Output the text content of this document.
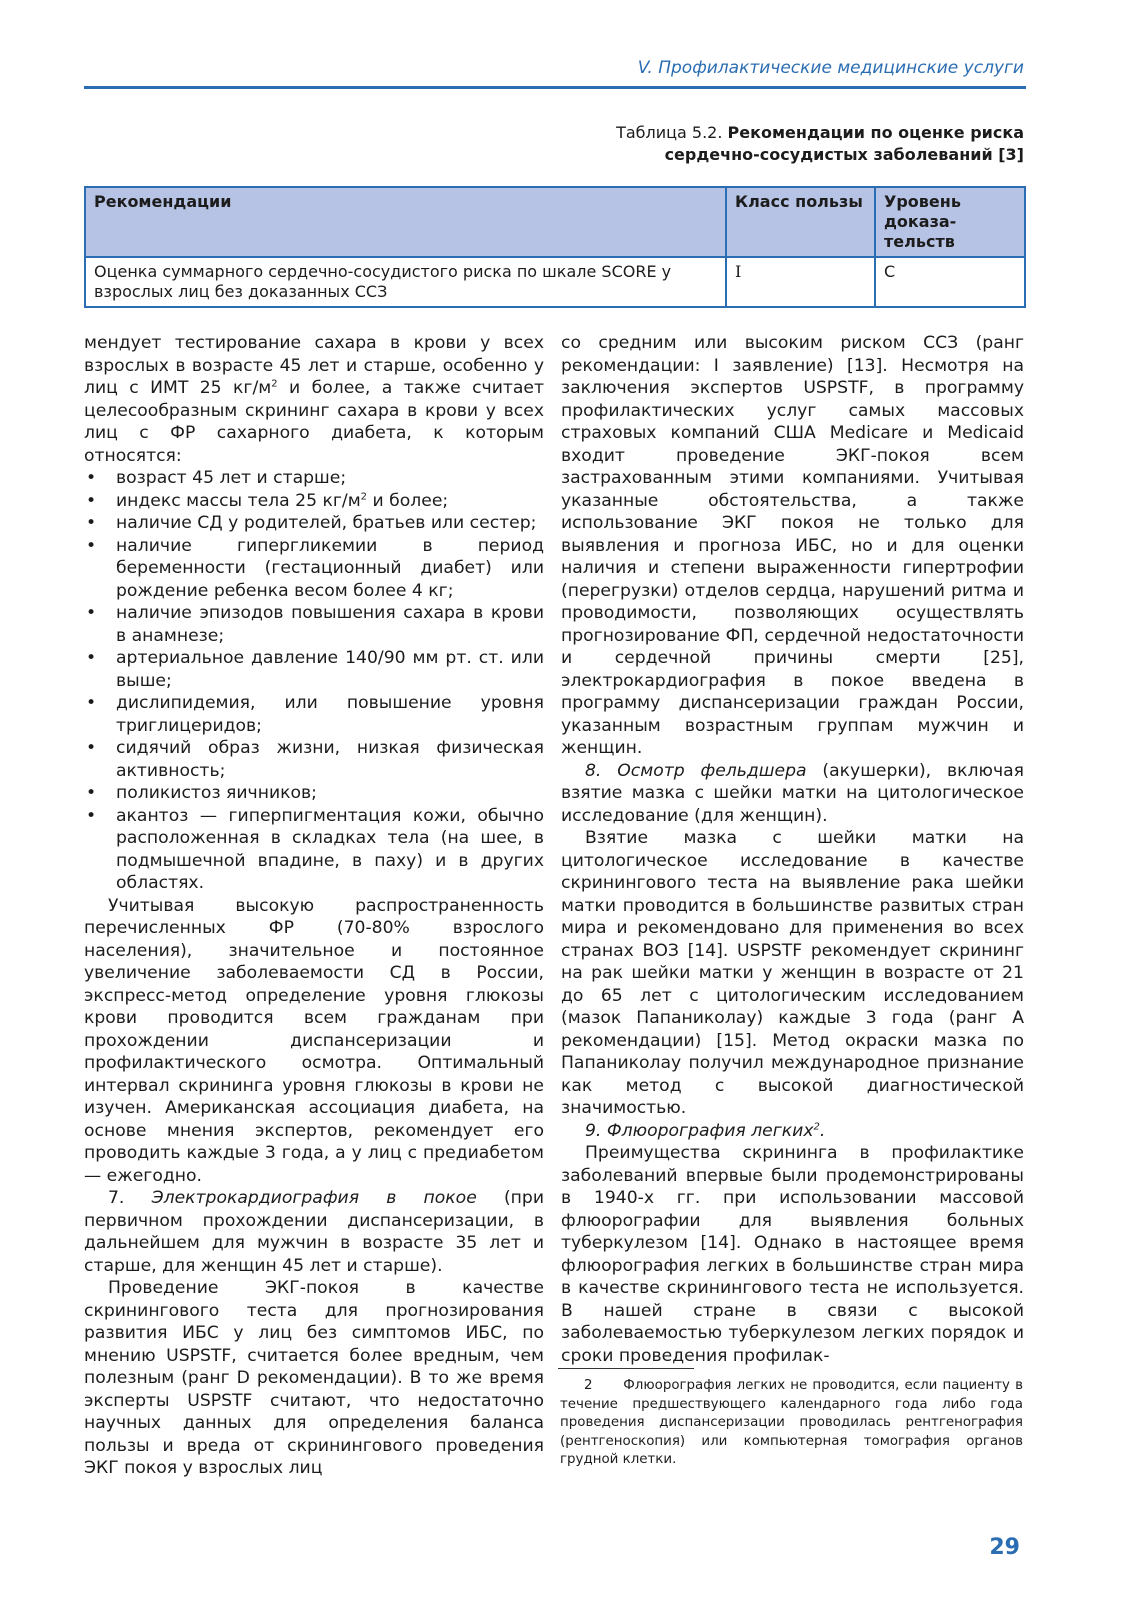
V. Профилактические медицинские услуги
Таблица 5.2. Рекомендации по оценке риска
сердечно-сосудистых заболеваний [3]
Рекомендации	Класс пользы	Уровень доказа-тельств
Оценка суммарного сердечно-сосудистого риска по шкале SCORE у взрослых лиц без доказанных ССЗ	I	С

мендует тестирование сахара в крови у всех взрослых в возрасте 45 лет и старше, особенно у лиц с ИМТ 25 $кг/м^2$ и более, а также считает целесообразным скрининг сахара в крови у всех лиц с ФР сахарного диабета, к которым относятся:

• возраст 45 лет и старше;
• индекс массы тела 25 $кг/м^2$ и более;
• наличие СД у родителей, братьев или сестер;
• наличие гипергликемии в период беременности (гестационный диабет) или рождение ребенка весом более 4 кг;
• наличие эпизодов повышения сахара в крови в анамнезе;
• артериальное давление 140/90 мм рт. ст. или выше;
• дислипидемия, или повышение уровня триглицеридов;
• сидячий образ жизни, низкая физическая активность;
• поликистоз яичников;
• акантоз — гиперпигментация кожи, обычно расположенная в складках тела (на шее, в подмышечной впадине, в паху) и в других областях.

Учитывая высокую распространенность перечисленных ФР (70-80% взрослого населения), значительное и постоянное увеличение заболеваемости СД в России, экспресс-метод определение уровня глюкозы крови проводится всем гражданам при прохождении диспансеризации и профилактического осмотра. Оптимальный интервал скрининга уровня глюкозы в крови не изучен. Американская ассоциация диабета, на основе мнения экспертов, рекомендует его проводить каждые 3 года, а у лиц с предиабетом — ежегодно.

7. Электрокардиография в покое (при первичном прохождении диспансеризации, в дальнейшем для мужчин в возрасте 35 лет и старше, для женщин 45 лет и старше).

Проведение ЭКГ-покоя в качестве скринингового теста для прогнозирования развития ИБС у лиц без симптомов ИБС, по мнению USPSTF, считается более вредным, чем полезным (ранг D рекомендации). В то же время эксперты USPSTF считают, что недостаточно научных данных для определения баланса пользы и вреда от скринингового проведения ЭКГ покоя у взрослых лиц

со средним или высоким риском ССЗ (ранг рекомендации: I заявление) [13]. Несмотря на заключения экспертов USPSTF, в программу профилактических услуг самых массовых страховых компаний США Medicare и Medicaid входит проведение ЭКГ-покоя всем застрахованным этими компаниями. Учитывая указанные обстоятельства, а также использование ЭКГ покоя не только для выявления и прогноза ИБС, но и для оценки наличия и степени выраженности гипертрофии (перегрузки) отделов сердца, нарушений ритма и проводимости, позволяющих осуществлять прогнозирование ФП, сердечной недостаточности и сердечной причины смерти [25], электрокардиография в покое введена в программу диспансеризации граждан России, указанным возрастным группам мужчин и женщин.

8. Осмотр фельдшера (акушерки), включая взятие мазка с шейки матки на цитологическое исследование (для женщин).

Взятие мазка с шейки матки на цитологическое исследование в качестве скринингового теста на выявление рака шейки матки проводится в большинстве развитых стран мира и рекомендовано для применения во всех странах ВОЗ [14]. USPSTF рекомендует скрининг на рак шейки матки у женщин в возрасте от 21 до 65 лет с цитологическим исследованием (мазок Папаниколау) каждые 3 года (ранг А рекомендации) [15]. Метод окраски мазка по Папаниколау получил международное признание как метод с высокой диагностической значимостью.

9. Флюорография легких$^2$.

Преимущества скрининга в профилактике заболеваний впервые были продемонстрированы в 1940-х гг. при использовании массовой флюорографии для выявления больных туберкулезом [14]. Однако в настоящее время флюорография легких в большинстве стран мира в качестве скринингового теста не используется. В нашей стране в связи с высокой заболеваемостью туберкулезом легких порядок и сроки проведения профилак-

2 Флюорография легких не проводится, если пациенту в течение предшествующего календарного года либо года проведения диспансеризации проводилась рентгенография (рентгеноскопия) или компьютерная томография органов грудной клетки.
29
